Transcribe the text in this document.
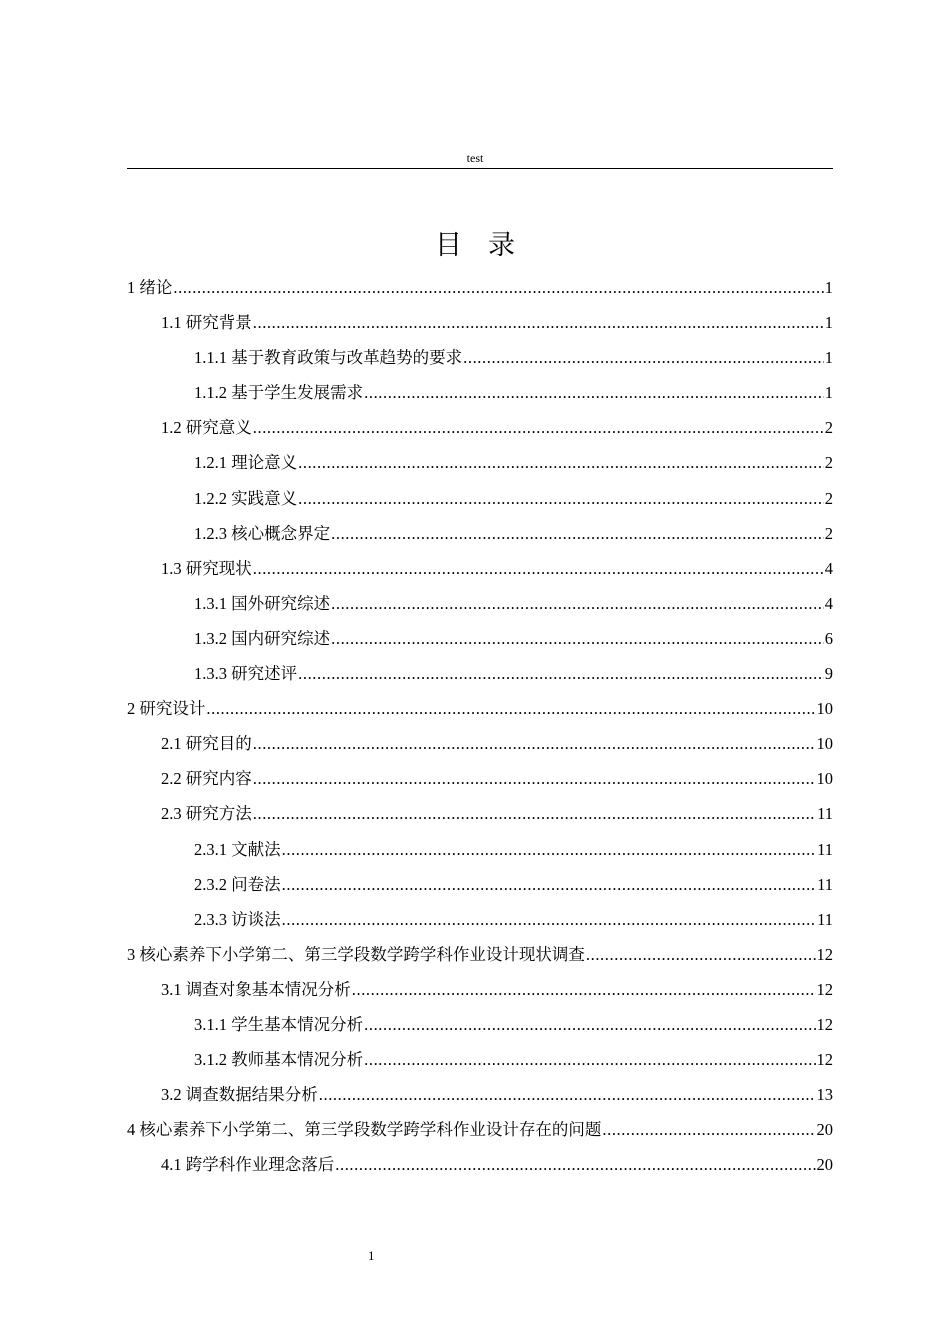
test
目录
1 绪论 .....	1
1.1 研究背景 .....	1
1.1.1 基于教育政策与改革趋势的要求 .....	1
1.1.2 基于学生发展需求 .....	1
1.2 研究意义 .....	2
1.2.1 理论意义 .....	2
1.2.2 实践意义 .....	2
1.2.3 核心概念界定 .....	2
1.3 研究现状 .....	4
1.3.1 国外研究综述 .....	4
1.3.2 国内研究综述 .....	6
1.3.3 研究述评 .....	9
2 研究设计 .....	10
2.1 研究目的 .....	10
2.2 研究内容 .....	10
2.3 研究方法 .....	11
2.3.1 文献法 .....	11
2.3.2 问卷法 .....	11
2.3.3 访谈法 .....	11
3 核心素养下小学第二、第三学段数学跨学科作业设计现状调查 .....	12
3.1 调查对象基本情况分析 .....	12
3.1.1 学生基本情况分析 .....	12
3.1.2 教师基本情况分析 .....	12
3.2 调查数据结果分析 .....	13
4 核心素养下小学第二、第三学段数学跨学科作业设计存在的问题 .....	20
4.1 跨学科作业理念落后 .....	20
1
